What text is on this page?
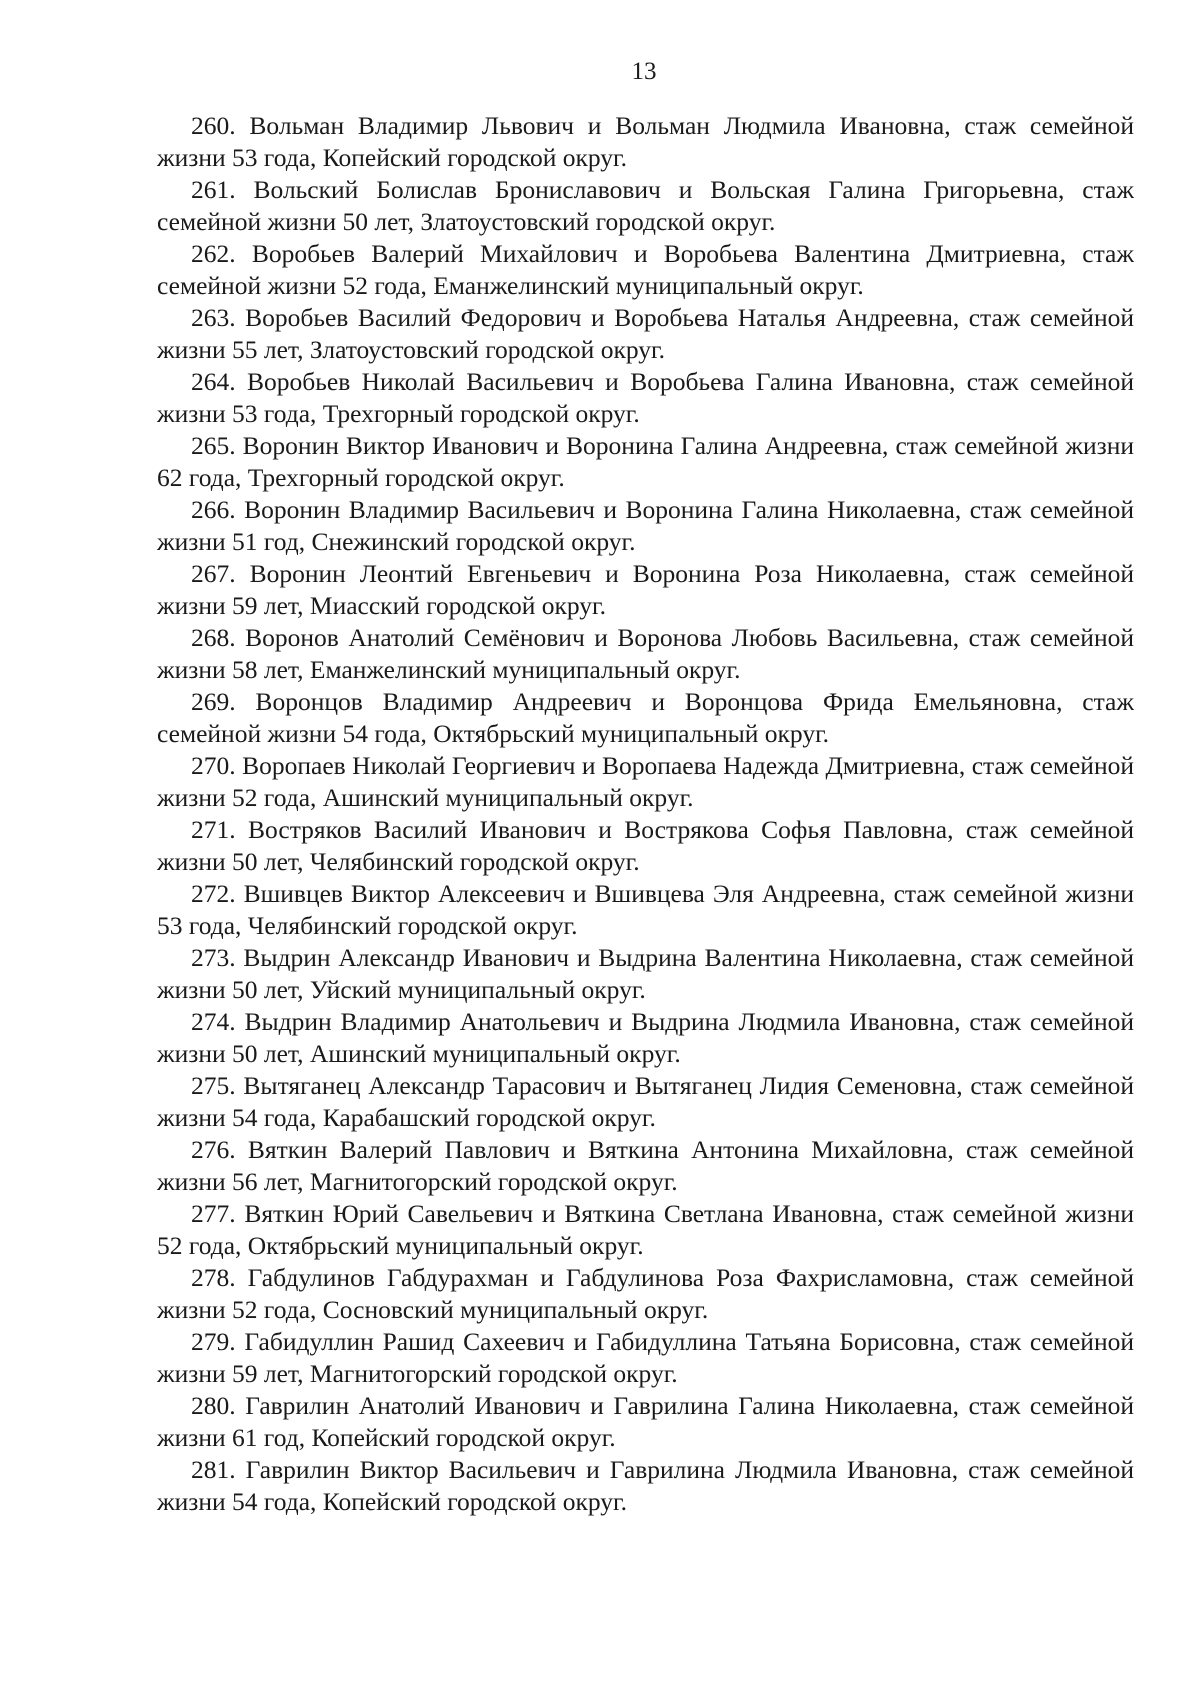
13

260. Вольман Владимир Львович и Вольман Людмила Ивановна, стаж семейной жизни 53 года, Копейский городской округ.

261. Вольский Болислав Брониславович и Вольская Галина Григорьевна, стаж семейной жизни 50 лет, Златоустовский городской округ.

262. Воробьев Валерий Михайлович и Воробьева Валентина Дмитриевна, стаж семейной жизни 52 года, Еманжелинский муниципальный округ.

263. Воробьев Василий Федорович и Воробьева Наталья Андреевна, стаж семейной жизни 55 лет, Златоустовский городской округ.

264. Воробьев Николай Васильевич и Воробьева Галина Ивановна, стаж семейной жизни 53 года, Трехгорный городской округ.

265. Воронин Виктор Иванович и Воронина Галина Андреевна, стаж семейной жизни 62 года, Трехгорный городской округ.

266. Воронин Владимир Васильевич и Воронина Галина Николаевна, стаж семейной жизни 51 год, Снежинский городской округ.

267. Воронин Леонтий Евгеньевич и Воронина Роза Николаевна, стаж семейной жизни 59 лет, Миасский городской округ.

268. Воронов Анатолий Семёнович и Воронова Любовь Васильевна, стаж семейной жизни 58 лет, Еманжелинский муниципальный округ.

269. Воронцов Владимир Андреевич и Воронцова Фрида Емельяновна, стаж семейной жизни 54 года, Октябрьский муниципальный округ.

270. Воропаев Николай Георгиевич и Воропаева Надежда Дмитриевна, стаж семейной жизни 52 года, Ашинский муниципальный округ.

271. Востряков Василий Иванович и Вострякова Софья Павловна, стаж семейной жизни 50 лет, Челябинский городской округ.

272. Вшивцев Виктор Алексеевич и Вшивцева Эля Андреевна, стаж семейной жизни 53 года, Челябинский городской округ.

273. Выдрин Александр Иванович и Выдрина Валентина Николаевна, стаж семейной жизни 50 лет, Уйский муниципальный округ.

274. Выдрин Владимир Анатольевич и Выдрина Людмила Ивановна, стаж семейной жизни 50 лет, Ашинский муниципальный округ.

275. Вытяганец Александр Тарасович и Вытяганец Лидия Семеновна, стаж семейной жизни 54 года, Карабашский городской округ.

276. Вяткин Валерий Павлович и Вяткина Антонина Михайловна, стаж семейной жизни 56 лет, Магнитогорский городской округ.

277. Вяткин Юрий Савельевич и Вяткина Светлана Ивановна, стаж семейной жизни 52 года, Октябрьский муниципальный округ.

278. Габдулинов Габдурахман и Габдулинова Роза Фахрисламовна, стаж семейной жизни 52 года, Сосновский муниципальный округ.

279. Габидуллин Рашид Сахеевич и Габидуллина Татьяна Борисовна, стаж семейной жизни 59 лет, Магнитогорский городской округ.

280. Гаврилин Анатолий Иванович и Гаврилина Галина Николаевна, стаж семейной жизни 61 год, Копейский городской округ.

281. Гаврилин Виктор Васильевич и Гаврилина Людмила Ивановна, стаж семейной жизни 54 года, Копейский городской округ.
